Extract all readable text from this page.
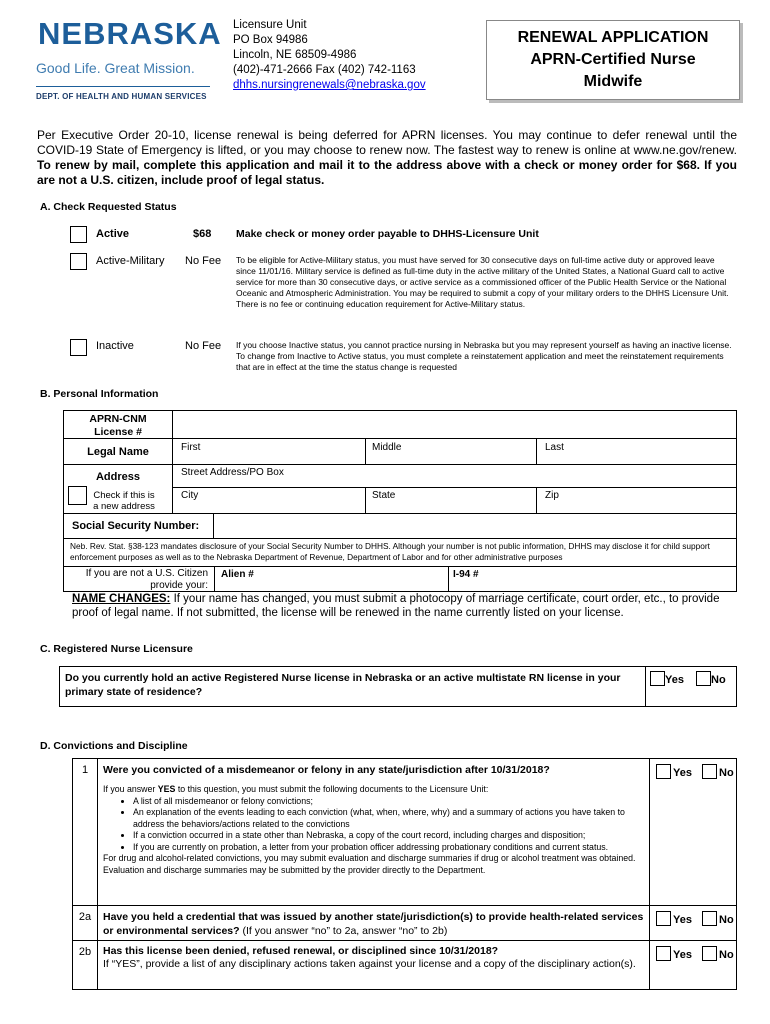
NEBRASKA
Good Life. Great Mission.
DEPT. OF HEALTH AND HUMAN SERVICES
Licensure Unit
PO Box 94986
Lincoln, NE 68509-4986
(402)-471-2666 Fax (402) 742-1163
dhhs.nursingrenewals@nebraska.gov
RENEWAL APPLICATION
APRN-Certified Nurse
Midwife
Per Executive Order 20-10, license renewal is being deferred for APRN licenses. You may continue to defer renewal until the COVID-19 State of Emergency is lifted, or you may choose to renew now. The fastest way to renew is online at www.ne.gov/renew. To renew by mail, complete this application and mail it to the address above with a check or money order for $68. If you are not a U.S. citizen, include proof of legal status.
A. Check Requested Status
Active	$68 Make check or money order payable to DHHS-Licensure Unit
Active-Military No Fee To be eligible for Active-Military status, you must have served for 30 consecutive days on full-time active duty or approved leave since 11/01/16. Military service is defined as full-time duty in the active military of the United States, a National Guard call to active service for more than 30 consecutive days, or active service as a commissioned officer of the Public Health Service or the National Oceanic and Atmospheric Administration. You may be required to submit a copy of your military orders to the DHHS Licensure Unit. There is no fee or continuing education requirement for Active-Military status.
Inactive	No Fee If you choose Inactive status, you cannot practice nursing in Nebraska but you may represent yourself as having an inactive license. To change from Inactive to Active status, you must complete a reinstatement application and meet the reinstatement requirements that are in effect at the time the status change is requested
B. Personal Information
APRN-CNM License #
Legal Name	First	Middle	Last
Address
Check if this is a new address
Street Address/PO Box
City	State	Zip
Social Security Number:
Neb. Rev. Stat. §38-123 mandates disclosure of your Social Security Number to DHHS. Although your number is not public information, DHHS may disclose it for child support enforcement purposes as well as to the Nebraska Department of Revenue, Department of Labor and for other administrative purposes
If you are not a U.S. Citizen provide your:
Alien #	I-94 #
NAME CHANGES: If your name has changed, you must submit a photocopy of marriage certificate, court order, etc., to provide proof of legal name. If not submitted, the license will be renewed in the name currently listed on your license.
C. Registered Nurse Licensure
Do you currently hold an active Registered Nurse license in Nebraska or an active multistate RN license in your primary state of residence?
Yes	No
D. Convictions and Discipline
1	Were you convicted of a misdemeanor or felony in any state/jurisdiction after 10/31/2018?
If you answer YES to this question, you must submit the following documents to the Licensure Unit:
• A list of all misdemeanor or felony convictions;
• An explanation of the events leading to each conviction (what, when, where, why) and a summary of actions you have taken to address the behaviors/actions related to the convictions
• If a conviction occurred in a state other than Nebraska, a copy of the court record, including charges and disposition;
• If you are currently on probation, a letter from your probation officer addressing probationary conditions and current status.
For drug and alcohol-related convictions, you may submit evaluation and discharge summaries if drug or alcohol treatment was obtained. Evaluation and discharge summaries may be submitted by the provider directly to the Department.
Yes	No
2a	Have you held a credential that was issued by another state/jurisdiction(s) to provide health-related services or environmental services? (If you answer “no” to 2a, answer “no” to 2b)
Yes	No
2b	Has this license been denied, refused renewal, or disciplined since 10/31/2018?
If “YES”, provide a list of any disciplinary actions taken against your license and a copy of the disciplinary action(s).
Yes	No
